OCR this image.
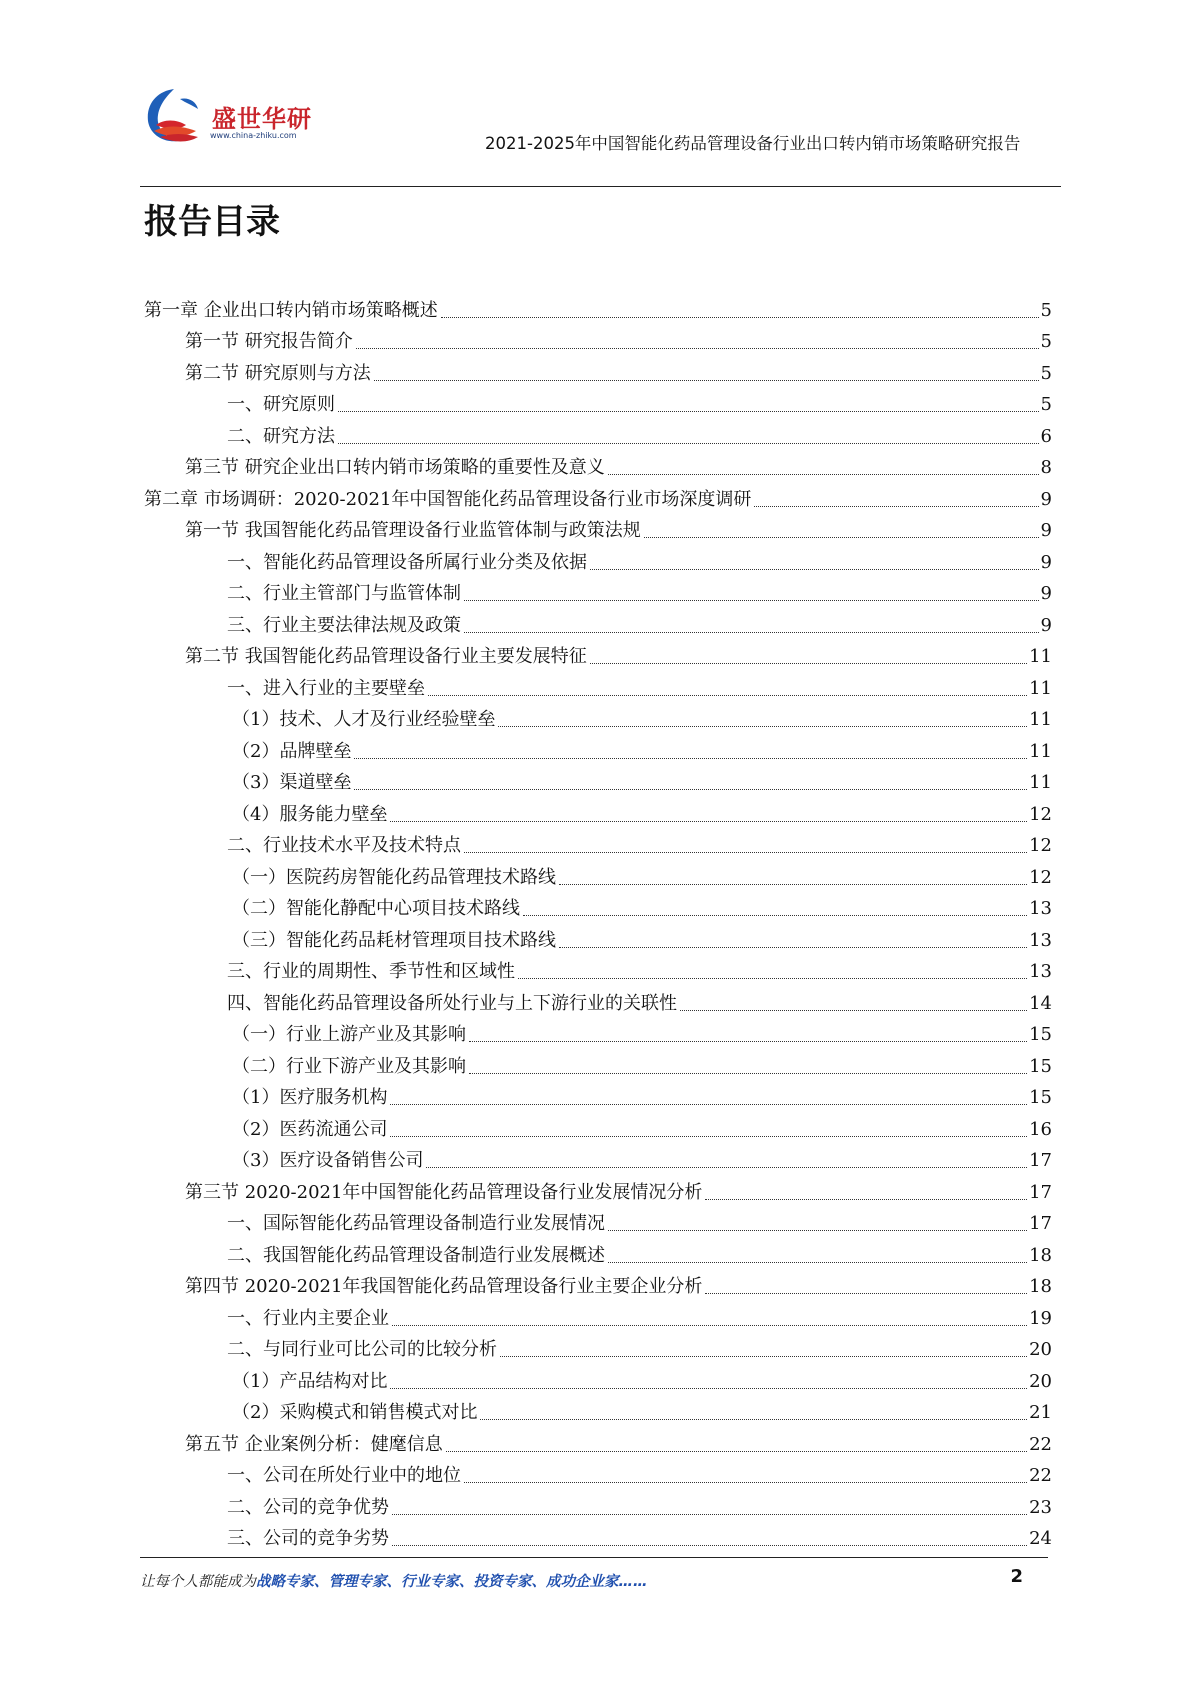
盛世华研
www.china-zhiku.com	2021-2025年中国智能化药品管理设备行业出口转内销市场策略研究报告
报告目录
第一章 企业出口转内销市场策略概述	5
第一节 研究报告简介	5
第二节 研究原则与方法	5
一、研究原则	5
二、研究方法	6
第三节 研究企业出口转内销市场策略的重要性及意义	8
第二章 市场调研：2020-2021年中国智能化药品管理设备行业市场深度调研	9
第一节 我国智能化药品管理设备行业监管体制与政策法规	9
一、智能化药品管理设备所属行业分类及依据	9
二、行业主管部门与监管体制	9
三、行业主要法律法规及政策	9
第二节 我国智能化药品管理设备行业主要发展特征	11
一、进入行业的主要壁垒	11
（1）技术、人才及行业经验壁垒	11
（2）品牌壁垒	11
（3）渠道壁垒	11
（4）服务能力壁垒	12
二、行业技术水平及技术特点	12
（一）医院药房智能化药品管理技术路线	12
（二）智能化静配中心项目技术路线	13
（三）智能化药品耗材管理项目技术路线	13
三、行业的周期性、季节性和区域性	13
四、智能化药品管理设备所处行业与上下游行业的关联性	14
（一）行业上游产业及其影响	15
（二）行业下游产业及其影响	15
（1）医疗服务机构	15
（2）医药流通公司	16
（3）医疗设备销售公司	17
第三节 2020-2021年中国智能化药品管理设备行业发展情况分析	17
一、国际智能化药品管理设备制造行业发展情况	17
二、我国智能化药品管理设备制造行业发展概述	18
第四节 2020-2021年我国智能化药品管理设备行业主要企业分析	18
一、行业内主要企业	19
二、与同行业可比公司的比较分析	20
（1）产品结构对比	20
（2）采购模式和销售模式对比	21
第五节 企业案例分析：健麾信息	22
一、公司在所处行业中的地位	22
二、公司的竞争优势	23
三、公司的竞争劣势	24
让每个人都能成为战略专家、管理专家、行业专家、投资专家、成功企业家……	2
